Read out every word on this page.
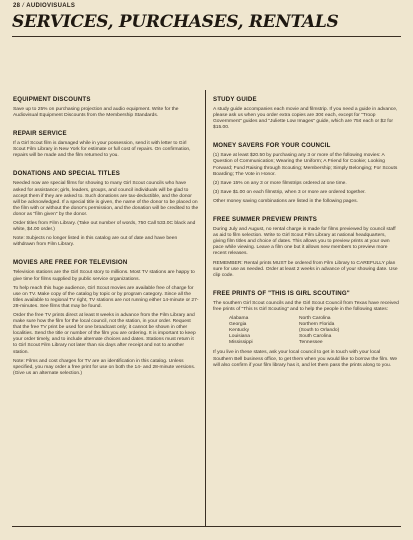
28 / AUDIOVISUALS
SERVICES, PURCHASES, RENTALS
EQUIPMENT DISCOUNTS

Save up to 25% on purchasing projection and audio equipment. Write for the Audiovisual Equipment Discounts from the Membership Standards.

REPAIR SERVICE

If a Girl Scout film is damaged while in your possession, send it with letter to Girl Scout Film Library in New York for estimate or full cost of repairs. On confirmation, repairs will be made and the film returned to you.

DONATIONS AND SPECIAL TITLES

Needed now are special films for showing to many Girl Scout councils who have asked for assistance; girls, leaders, groups, and council individuals will be glad to accept them if they are asked to. Such donations are tax-deductible, and the donor will be acknowledged. If a special title is given, the name of the donor to be placed on the film with or without the donor's permission, and the donation will be credited to the donor as "film given" by the donor.

Order titles from Film Library. (Take out number of words, 750 Call 533.0C black and white, $4.00 order.)

Note: Subjects no longer listed in this catalog are out of date and have been withdrawn from Film Library.

MOVIES ARE FREE FOR TELEVISION

Television stations are the Girl Scout story to millions. Most TV stations are happy to give time for films supplied by public service organizations.

To help reach this huge audience, Girl Scout movies are available free of charge for use on TV. Make copy of the catalog by topic or by program category. Since all the titles available to regional TV right, TV stations are not running either 14-minute or 27-28-minutes. See films that may be found.

Order the free TV prints direct at least 8 weeks in advance from the Film Library and make sure how the film for the local council, not the station, in your order. Request that the free TV print be used for one broadcast only; it cannot be shown in other localities. Send the title or number of the film you are ordering. It is important to keep your order timely, and to include alternate choices and dates. Stations must return it to Girl Scout Film Library not later than six days after receipt and not to another station.

Note: Films and cost charges for TV are an identification in this catalog. Unless specified, you may order a free print for use on both the 14- and 28-minute versions. (Give us an alternate selection.)

STUDY GUIDE

A study guide accompanies each movie and filmstrip. If you need a guide in advance, please ask us when you order extra copies are 30¢ each, except for "Troop Government" guides and "Juliette Low Images" guide, which are 75¢ each or $2 for $15.00.

MONEY SAVERS FOR YOUR COUNCIL

(1) Save at least $20.50 by purchasing any 3 or more of the following movies: A Question of Communication; Wearing the Uniform; A Friend for Cookie; Looking Forward; Fund Raising through Scouting; Membership; Simply Belonging; For Scouts Boarding; The Vote in Honor.

(2) Save 15% on any 3 or more filmstrips ordered at one time.

(3) Save $1.00 on each filmstrip, when 3 or more are ordered together.

Other money saving combinations are listed in the following pages.

FREE SUMMER PREVIEW PRINTS

During July and August, no rental charge is made for films previewed by council staff as aid to film selection. Write to Girl Scout Film Library at national headquarters, giving film titles and choice of dates. This allows you to preview prints at your own pace while viewing. Leave a film one but it allows new members to preview more recent releases.

REMEMBER: Rental prints MUST be ordered from Film Library to CAREFULLY plan sure for use as needed. Order at least 2 weeks in advance of your showing date. Use clip code.

FREE PRINTS OF "THIS IS GIRL SCOUTING"

The southern Girl Scout councils and the Girl Scout Council from Texas have received free prints of "This Is Girl Scouting" and to help the people in the following states:

Alabama	North Carolina
Georgia	Northern Florida
Kentucky	(South to Orlando)
Louisiana	South Carolina
Mississippi	Tennessee

If you live in these states, ask your local council to get in touch with your local Southern Bell business office, to get them when you would like to borrow the film. We will also confirm if your film library has it, and let them pass the prints along to you.
